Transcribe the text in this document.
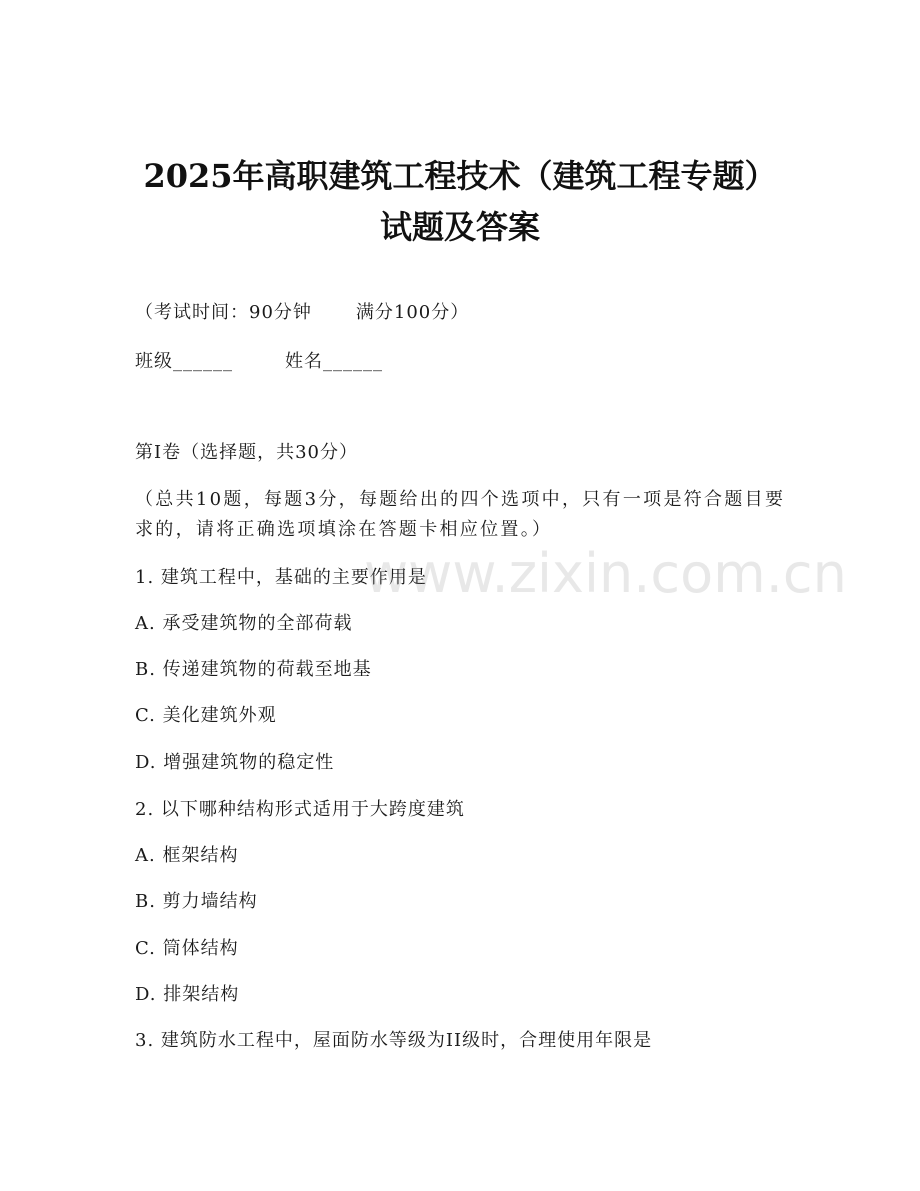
2025年高职建筑工程技术（建筑工程专题）
试题及答案
（考试时间：90分钟 满分100分）
班级______	姓名______
第I卷（选择题，共30分）
（总共10题，每题3分，每题给出的四个选项中，只有一项是符合题目要求的，请将正确选项填涂在答题卡相应位置。）
1. 建筑工程中，基础的主要作用是
A. 承受建筑物的全部荷载
B. 传递建筑物的荷载至地基
C. 美化建筑外观
D. 增强建筑物的稳定性
2. 以下哪种结构形式适用于大跨度建筑
A. 框架结构
B. 剪力墙结构
C. 筒体结构
D. 排架结构
3. 建筑防水工程中，屋面防水等级为II级时，合理使用年限是
www.zixin.com.cn
